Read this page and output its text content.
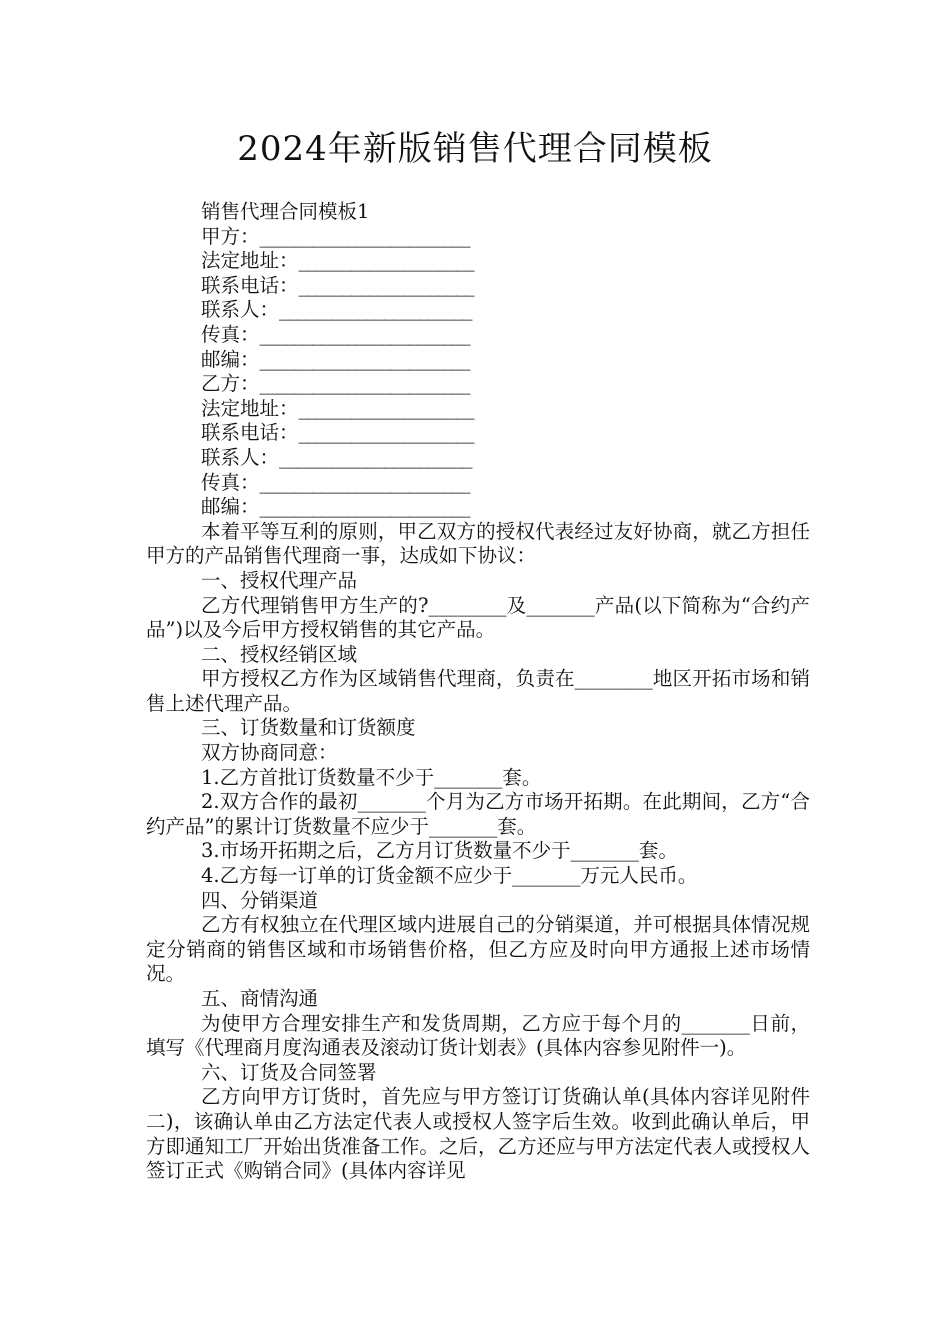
2024年新版销售代理合同模板

销售代理合同模板1

甲方：________________________

法定地址：____________________

联系电话：____________________

联系人：______________________

传真：________________________

邮编：________________________

乙方：________________________

法定地址：____________________

联系电话：____________________

联系人：______________________

传真：________________________

邮编：________________________

本着平等互利的原则，甲乙双方的授权代表经过友好协商，就乙方担任甲方的产品销售代理商一事，达成如下协议：

一、授权代理产品

乙方代理销售甲方生产的?________及_______产品(以下简称为“合约产品”)以及今后甲方授权销售的其它产品。

二、授权经销区域

甲方授权乙方作为区域销售代理商，负责在________地区开拓市场和销售上述代理产品。

三、订货数量和订货额度

双方协商同意：

1.乙方首批订货数量不少于_______套。

2.双方合作的最初_______个月为乙方市场开拓期。在此期间，乙方“合约产品”的累计订货数量不应少于_______套。

3.市场开拓期之后，乙方月订货数量不少于_______套。

4.乙方每一订单的订货金额不应少于_______万元人民币。

四、分销渠道

乙方有权独立在代理区域内进展自己的分销渠道，并可根据具体情况规定分销商的销售区域和市场销售价格，但乙方应及时向甲方通报上述市场情况。

五、商情沟通

为使甲方合理安排生产和发货周期，乙方应于每个月的_______日前，填写《代理商月度沟通表及滚动订货计划表》(具体内容参见附件一)。

六、订货及合同签署

乙方向甲方订货时，首先应与甲方签订订货确认单(具体内容详见附件二)，该确认单由乙方法定代表人或授权人签字后生效。收到此确认单后，甲方即通知工厂开始出货准备工作。之后，乙方还应与甲方法定代表人或授权人签订正式《购销合同》(具体内容详见
